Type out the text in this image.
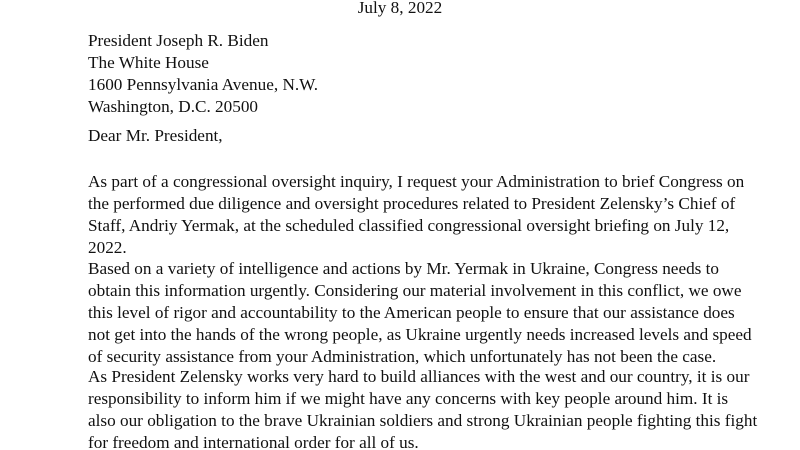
July 8, 2022
President Joseph R. Biden
The White House
1600 Pennsylvania Avenue, N.W.
Washington, D.C. 20500
Dear Mr. President,
As part of a congressional oversight inquiry, I request your Administration to brief Congress on
the performed due diligence and oversight procedures related to President Zelensky’s Chief of
Staff, Andriy Yermak, at the scheduled classified congressional oversight briefing on July 12,
2022.
Based on a variety of intelligence and actions by Mr. Yermak in Ukraine, Congress needs to
obtain this information urgently. Considering our material involvement in this conflict, we owe
this level of rigor and accountability to the American people to ensure that our assistance does
not get into the hands of the wrong people, as Ukraine urgently needs increased levels and speed
of security assistance from your Administration, which unfortunately has not been the case.
As President Zelensky works very hard to build alliances with the west and our country, it is our
responsibility to inform him if we might have any concerns with key people around him. It is
also our obligation to the brave Ukrainian soldiers and strong Ukrainian people fighting this fight
for freedom and international order for all of us.
